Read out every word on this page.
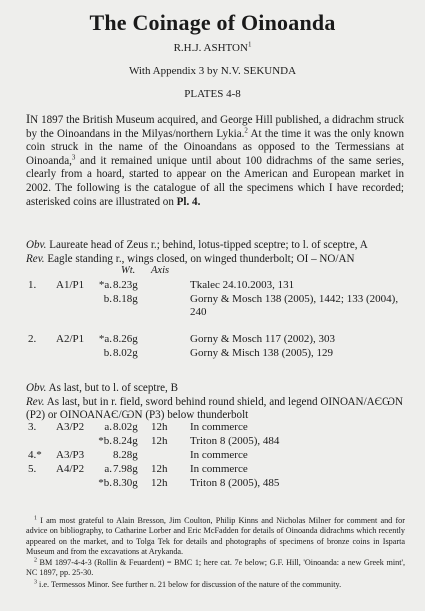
The Coinage of Oinoanda
R.H.J. ASHTON$^1$
With Appendix 3 by N.V. SEKUNDA
PLATES 4-8
IN 1897 the British Museum acquired, and George Hill published, a didrachm struck by the Oinoandans in the Milyas/northern Lykia.$^2$ At the time it was the only known coin struck in the name of the Oinoandans as opposed to the Termessians at Oinoanda,$^3$ and it remained unique until about 100 didrachms of the same series, clearly from a hoard, started to appear on the American and European market in 2002. The following is the catalogue of all the specimens which I have recorded; asterisked coins are illustrated on Pl. 4.
Obv. Laureate head of Zeus r.; behind, lotus-tipped sceptre; to l. of sceptre, A
Rev. Eagle standing r., wings closed, on winged thunderbolt; OI – NO/AN
Wt. Axis
Obv. As last, but to l. of sceptre, B
Rev. As last, but in r. field, sword behind round shield, and legend ΟΙΝΟΑΝ/ΑЄѠΝ (P2) or ΟΙΝΟΑΝΑЄ/ѠΝ (P3) below thunderbolt
1. A1/P1	*a. 8.23g	Tkalec 24.10.2003, 131
b. 8.18g	Gorny & Mosch 138 (2005), 1442; 133 (2004), 240
2. A2/P1	*a. 8.26g	Gorny & Mosch 117 (2002), 303
b. 8.02g	Gorny & Misch 138 (2005), 129
3. A3/P2	a. 8.02g 12h In commerce
*b. 8.24g 12h Triton 8 (2005), 484
4.* A3/P3	8.28g	In commerce
5. A4/P2	a. 7.98g 12h In commerce
*b. 8.30g 12h Triton 8 (2005), 485

$^1$ I am most grateful to Alain Bresson, Jim Coulton, Philip Kinns and Nicholas Milner for comment and for advice on bibliography, to Catharine Lorber and Eric McFadden for details of Oinoanda didrachms which recently appeared on the market, and to Tolga Tek for details and photographs of specimens of bronze coins in Isparta Museum and from the excavations at Arykanda.

$^2$ BM 1897-4-4-3 (Rollin & Feuardent) = BMC 1; here cat. 7e below; G.F. Hill, 'Oinoanda: a new Greek mint', NC 1897, pp. 25-30.

$^3$ i.e. Termessos Minor. See further n. 21 below for discussion of the nature of the community.
